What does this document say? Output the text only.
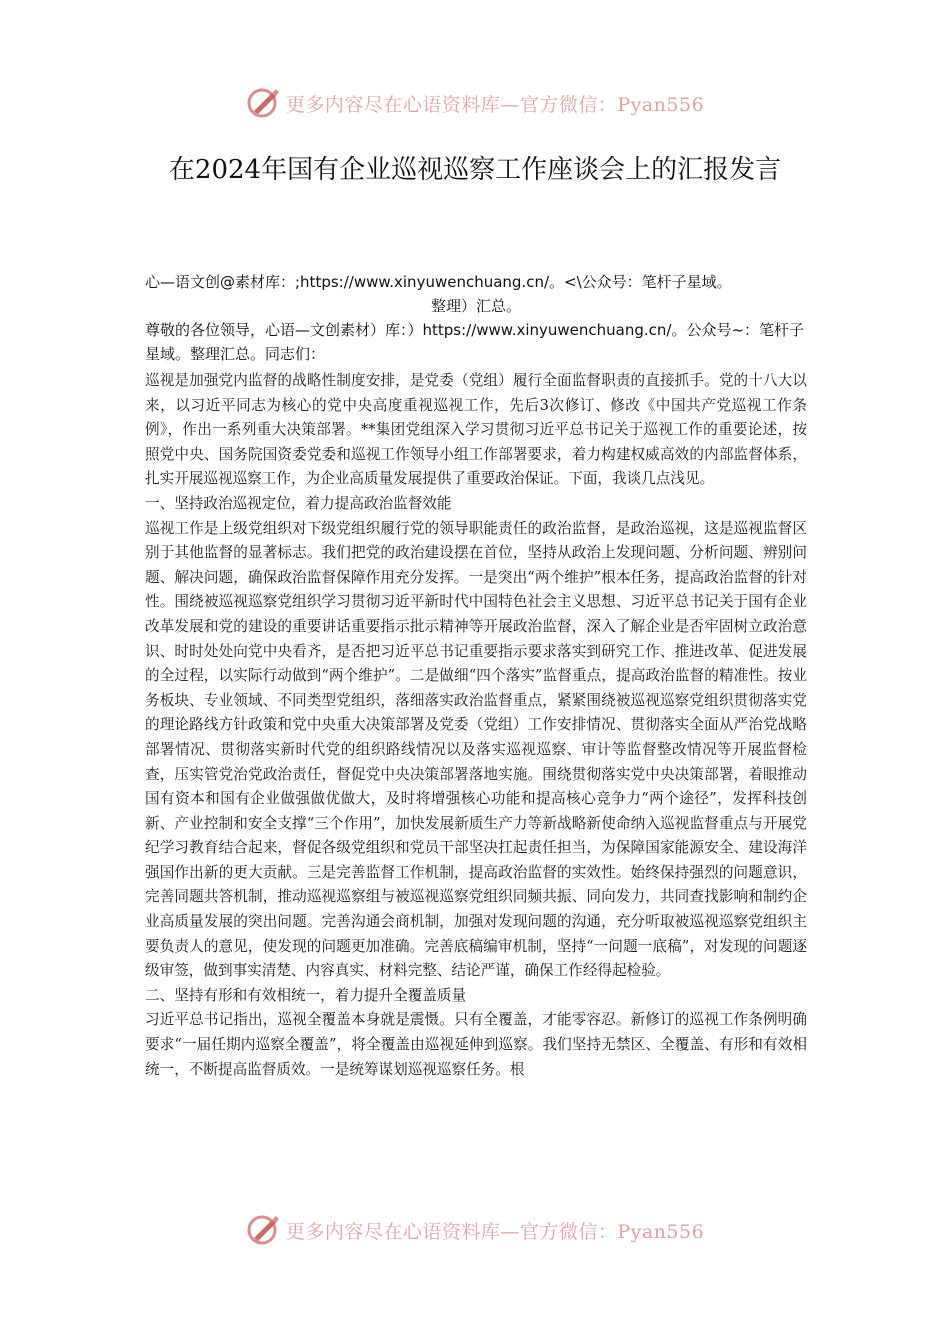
更多内容尽在心语资料库—官方微信：Pyan556
在2024年国有企业巡视巡察工作座谈会上的汇报发言
心—语文创@素材库：;https://www.xinyuwenchuang.cn/。<\公众号：笔杆子星域。
整理）汇总。
尊敬的各位领导，心语—文创素材）库：）https://www.xinyuwenchuang.cn/。公众号~：笔杆子星域。整理汇总。同志们：

巡视是加强党内监督的战略性制度安排，是党委（党组）履行全面监督职责的直接抓手。党的十八大以来，以习近平同志为核心的党中央高度重视巡视工作，先后3次修订、修改《中国共产党巡视工作条例》，作出一系列重大决策部署。**集团党组深入学习贯彻习近平总书记关于巡视工作的重要论述，按照党中央、国务院国资委党委和巡视工作领导小组工作部署要求，着力构建权威高效的内部监督体系，扎实开展巡视巡察工作，为企业高质量发展提供了重要政治保证。下面，我谈几点浅见。

一、坚持政治巡视定位，着力提高政治监督效能

巡视工作是上级党组织对下级党组织履行党的领导职能责任的政治监督，是政治巡视，这是巡视监督区别于其他监督的显著标志。我们把党的政治建设摆在首位，坚持从政治上发现问题、分析问题、辨别问题、解决问题，确保政治监督保障作用充分发挥。一是突出“两个维护”根本任务，提高政治监督的针对性。围绕被巡视巡察党组织学习贯彻习近平新时代中国特色社会主义思想、习近平总书记关于国有企业改革发展和党的建设的重要讲话重要指示批示精神等开展政治监督，深入了解企业是否牢固树立政治意识、时时处处向党中央看齐，是否把习近平总书记重要指示要求落实到研究工作、推进改革、促进发展的全过程，以实际行动做到“两个维护”。二是做细“四个落实”监督重点，提高政治监督的精准性。按业务板块、专业领域、不同类型党组织，落细落实政治监督重点，紧紧围绕被巡视巡察党组织贯彻落实党的理论路线方针政策和党中央重大决策部署及党委（党组）工作安排情况、贯彻落实全面从严治党战略部署情况、贯彻落实新时代党的组织路线情况以及落实巡视巡察、审计等监督整改情况等开展监督检查，压实管党治党政治责任，督促党中央决策部署落地实施。围绕贯彻落实党中央决策部署，着眼推动国有资本和国有企业做强做优做大，及时将增强核心功能和提高核心竞争力“两个途径”，发挥科技创新、产业控制和安全支撑“三个作用”，加快发展新质生产力等新战略新使命纳入巡视监督重点与开展党纪学习教育结合起来，督促各级党组织和党员干部坚决扛起责任担当，为保障国家能源安全、建设海洋强国作出新的更大贡献。三是完善监督工作机制，提高政治监督的实效性。始终保持强烈的问题意识，完善同题共答机制，推动巡视巡察组与被巡视巡察党组织同频共振、同向发力，共同查找影响和制约企业高质量发展的突出问题。完善沟通会商机制，加强对发现问题的沟通，充分听取被巡视巡察党组织主要负责人的意见，使发现的问题更加准确。完善底稿编审机制，坚持“一问题一底稿”，对发现的问题逐级审签，做到事实清楚、内容真实、材料完整、结论严谨，确保工作经得起检验。

二、坚持有形和有效相统一，着力提升全覆盖质量

习近平总书记指出，巡视全覆盖本身就是震慑。只有全覆盖，才能零容忍。新修订的巡视工作条例明确要求“一届任期内巡察全覆盖”，将全覆盖由巡视延伸到巡察。我们坚持无禁区、全覆盖、有形和有效相统一，不断提高监督质效。一是统筹谋划巡视巡察任务。根

更多内容尽在心语资料库—官方微信：Pyan556
